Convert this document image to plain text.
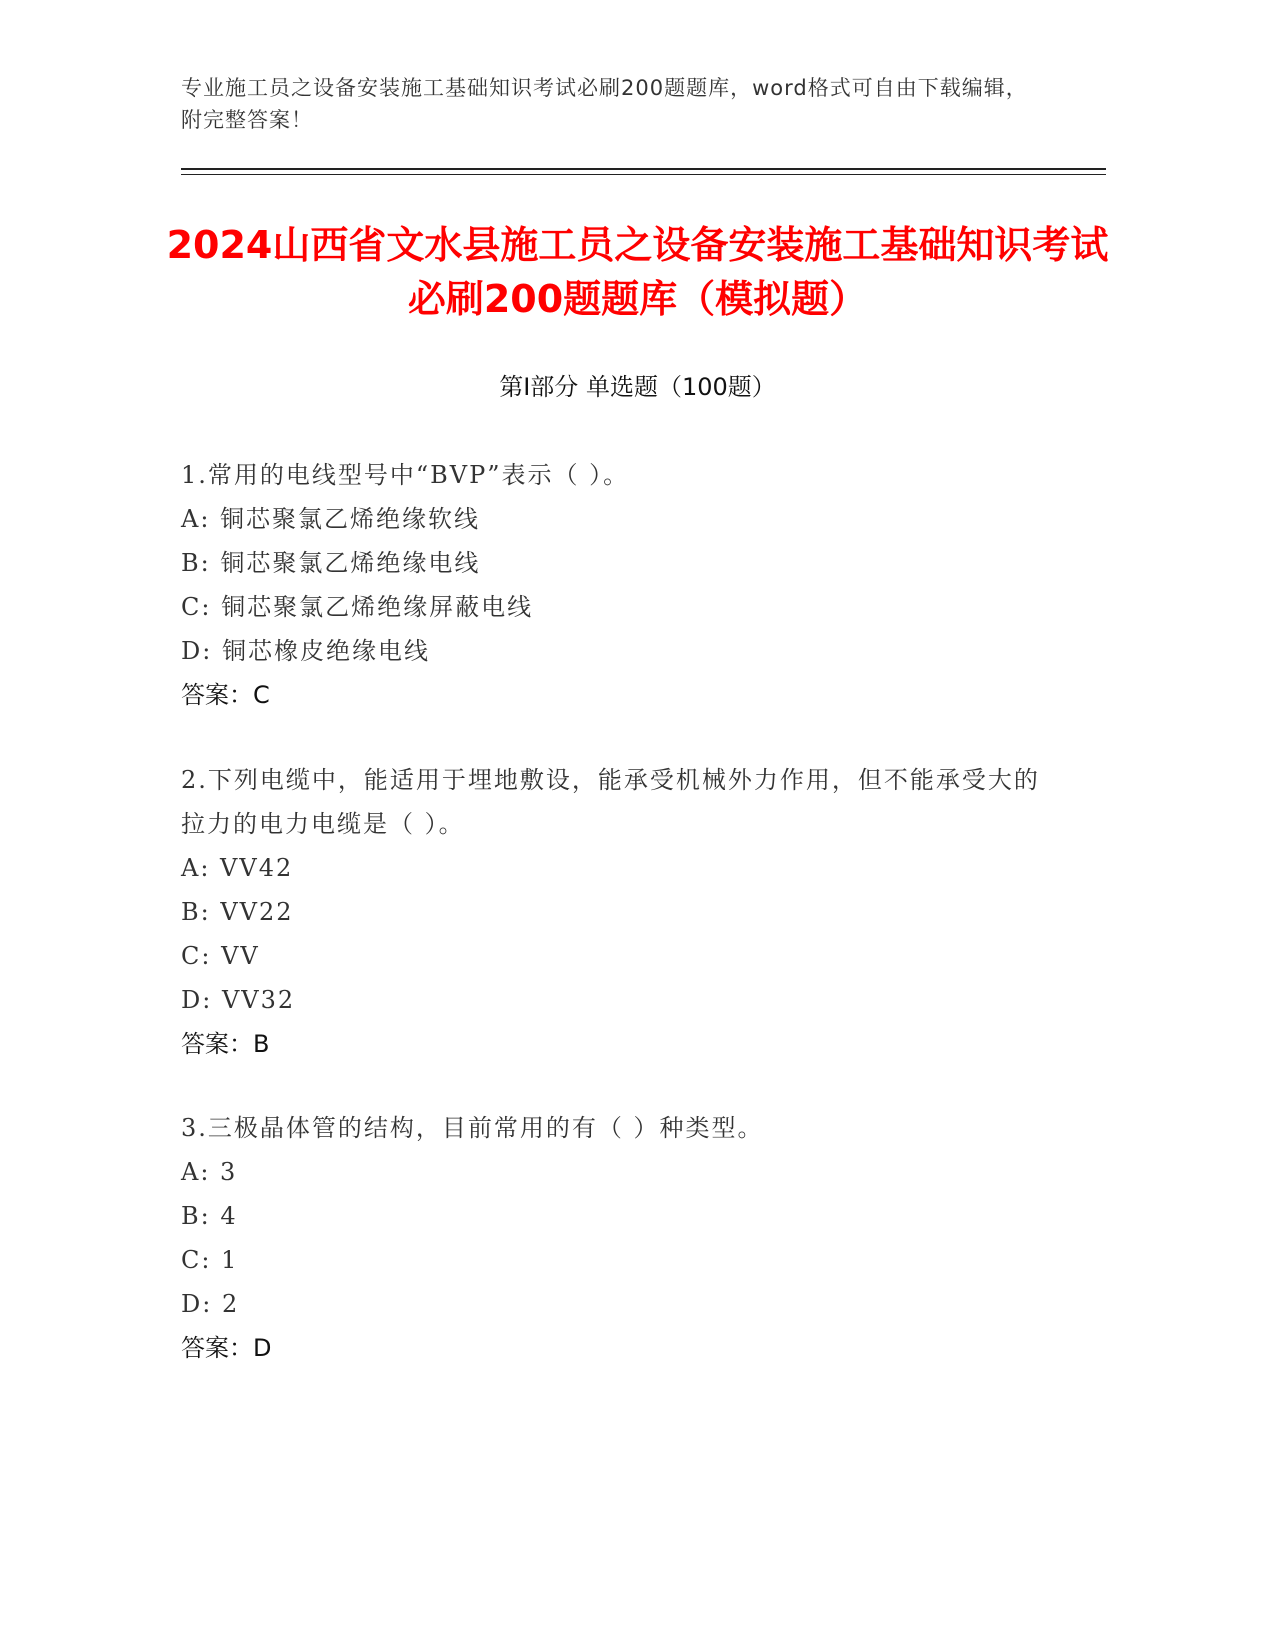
专业施工员之设备安装施工基础知识考试必刷200题题库，word格式可自由下载编辑，附完整答案！
2024山西省文水县施工员之设备安装施工基础知识考试必刷200题题库（模拟题）
第I部分 单选题（100题）

1.常用的电线型号中“BVP”表示（ ）。

A: 铜芯聚氯乙烯绝缘软线

B: 铜芯聚氯乙烯绝缘电线

C: 铜芯聚氯乙烯绝缘屏蔽电线

D: 铜芯橡皮绝缘电线

答案：C

2.下列电缆中，能适用于埋地敷设，能承受机械外力作用，但不能承受大的拉力的电力电缆是（ ）。

A: VV42

B: VV22

C: VV

D: VV32

答案：B

3.三极晶体管的结构，目前常用的有（ ）种类型。

A: 3

B: 4

C: 1

D: 2

答案：D
